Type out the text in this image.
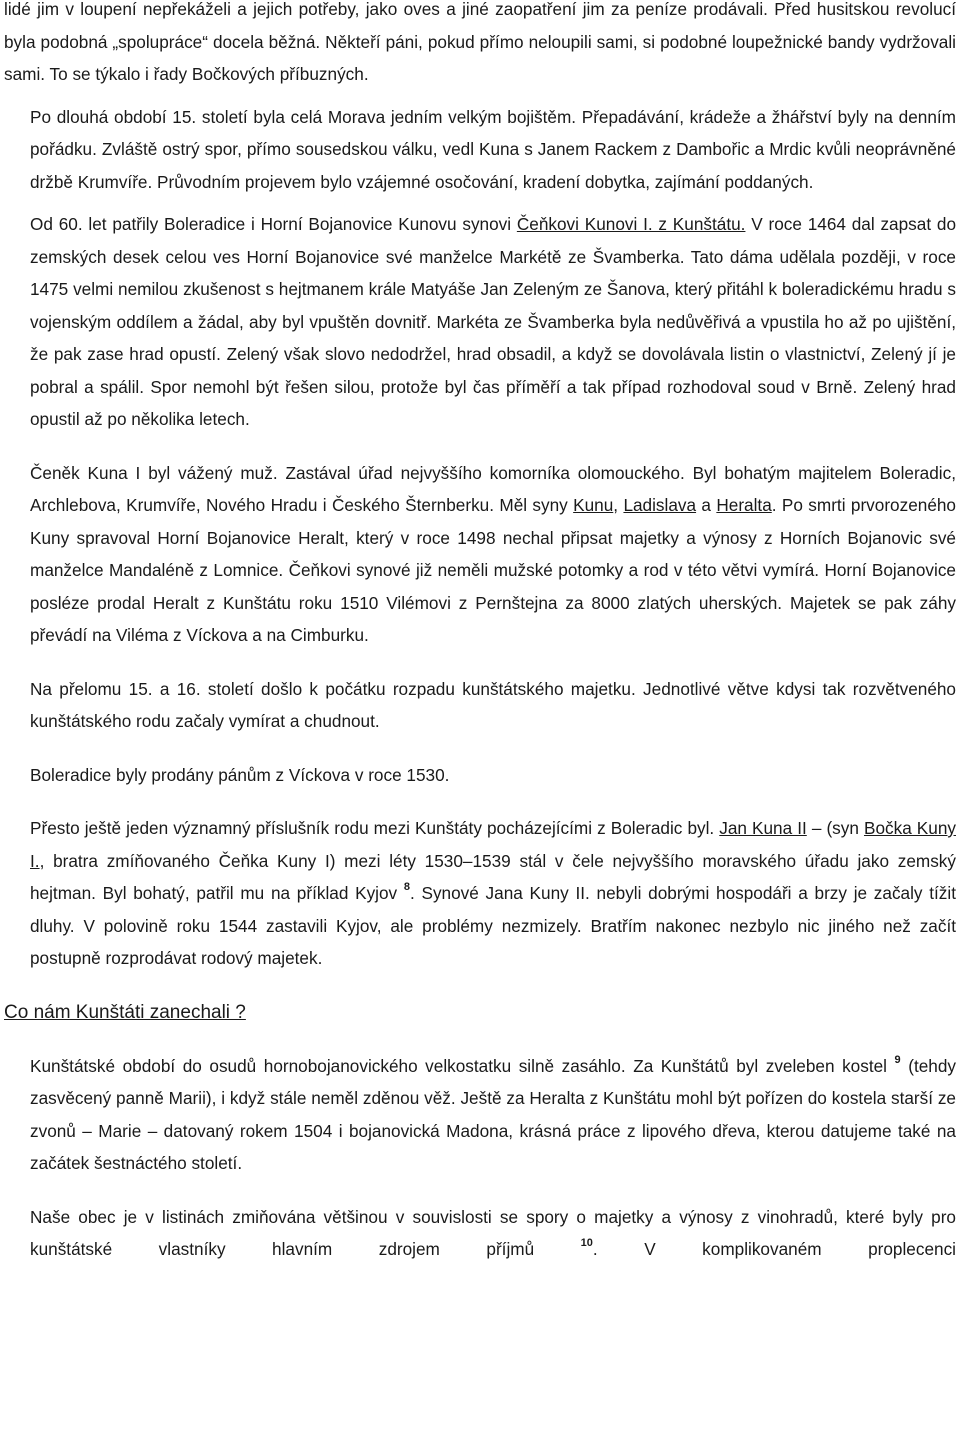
lidé jim v loupení nepřekáželi a jejich potřeby, jako oves a jiné zaopatření jim za peníze prodávali. Před husitskou revolucí byla podobná „spolupráce“ docela běžná. Někteří páni, pokud přímo neloupili sami, si podobné loupežnické bandy vydržovali sami. To se týkalo i řady Bočkových příbuzných.

Po dlouhá období 15. století byla celá Morava jedním velkým bojištěm. Přepadávání, krádeže a žhářství byly na denním pořádku. Zvláště ostrý spor, přímo sousedskou válku, vedl Kuna s Janem Rackem z Dambořic a Mrdic kvůli neoprávněné držbě Krumvíře. Průvodním projevem bylo vzájemné osočování, kradení dobytka, zajímání poddaných.

Od 60. let patřily Boleradice i Horní Bojanovice Kunovu synovi Čeňkovi Kunovi I. z Kunštátu. V roce 1464 dal zapsat do zemských desek celou ves Horní Bojanovice své manželce Markétě ze Švamberka. Tato dáma udělala později, v roce 1475 velmi nemilou zkušenost s hejtmanem krále Matyáše Jan Zeleným ze Šanova, který přitáhl k boleradickému hradu s vojenským oddílem a žádal, aby byl vpuštěn dovnitř. Markéta ze Švamberka byla nedůvěřivá a vpustila ho až po ujištění, že pak zase hrad opustí. Zelený však slovo nedodržel, hrad obsadil, a když se dovolávala listin o vlastnictví, Zelený jí je pobral a spálil. Spor nemohl být řešen silou, protože byl čas příměří a tak případ rozhodoval soud v Brně. Zelený hrad opustil až po několika letech.

Čeněk Kuna I byl vážený muž. Zastával úřad nejvyššího komorníka olomouckého. Byl bohatým majitelem Boleradic, Archlebova, Krumvíře, Nového Hradu i Českého Šternberku. Měl syny Kunu, Ladislava a Heralta. Po smrti prvorozeného Kuny spravoval Horní Bojanovice Heralt, který v roce 1498 nechal připsat majetky a výnosy z Horních Bojanovic své manželce Mandaléně z Lomnice. Čeňkovi synové již neměli mužské potomky a rod v této větvi vymírá. Horní Bojanovice posléze prodal Heralt z Kunštátu roku 1510 Vilémovi z Pernštejna za 8000 zlatých uherských. Majetek se pak záhy převádí na Viléma z Víckova a na Cimburku.

Na přelomu 15. a 16. století došlo k počátku rozpadu kunštátského majetku. Jednotlivé větve kdysi tak rozvětveného kunštátského rodu začaly vymírat a chudnout.

Boleradice byly prodány pánům z Víckova v roce 1530.

Přesto ještě jeden významný příslušník rodu mezi Kunštáty pocházejícími z Boleradic byl. Jan Kuna II – (syn Bočka Kuny I., bratra zmíňovaného Čeňka Kuny I) mezi léty 1530–1539 stál v čele nejvyššího moravského úřadu jako zemský hejtman. Byl bohatý, patřil mu na příklad Kyjov $^8$. Synové Jana Kuny II. nebyli dobrými hospodáři a brzy je začaly tížit dluhy. V polovině roku 1544 zastavili Kyjov, ale problémy nezmizely. Bratřím nakonec nezbylo nic jiného než začít postupně rozprodávat rodový majetek.

Co nám Kunštáti zanechali ?

Kunštátské období do osudů hornobojanovického velkostatku silně zasáhlo. Za Kunštátů byl zveleben kostel $^9$ (tehdy zasvěcený panně Marii), i když stále neměl zděnou věž. Ještě za Heralta z Kunštátu mohl být pořízen do kostela starší ze zvonů – Marie – datovaný rokem 1504 i bojanovická Madona, krásná práce z lipového dřeva, kterou datujeme také na začátek šestnáctého století.

Naše obec je v listinách zmiňována většinou v souvislosti se spory o majetky a výnosy z vinohradů, které byly pro kunštátské vlastníky hlavním zdrojem příjmů $^{10}$. V komplikovaném proplecenci
